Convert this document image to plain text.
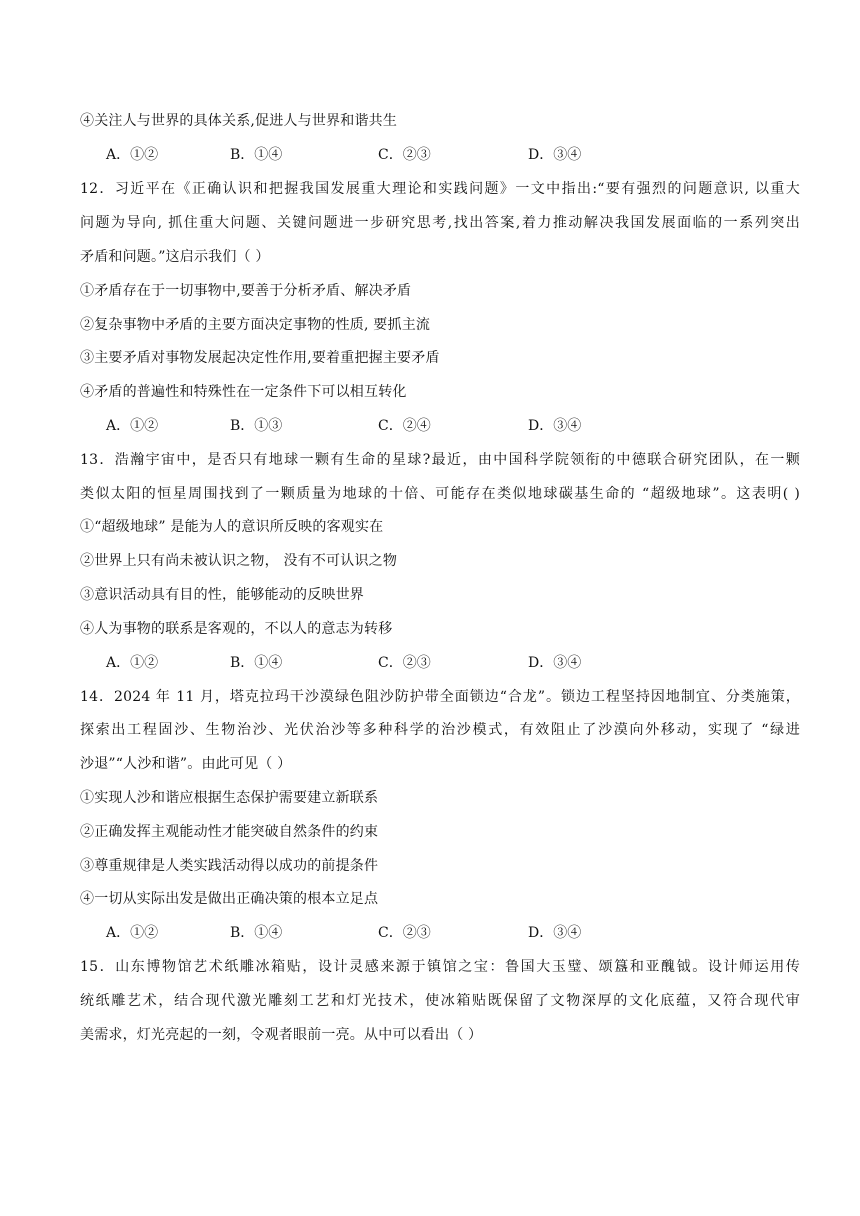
④关注人与世界的具体关系,促进人与世界和谐共生
A．①②	B．①④	C．②③	D．③④
12．习近平在《正确认识和把握我国发展重大理论和实践问题》一文中指出:“要有强烈的问题意识, 以重大
问题为导向, 抓住重大问题、关键问题进一步研究思考,找出答案,着力推动解决我国发展面临的一系列突出
矛盾和问题。”这启示我们（ ）
①矛盾存在于一切事物中,要善于分析矛盾、解决矛盾
②复杂事物中矛盾的主要方面决定事物的性质, 要抓主流
③主要矛盾对事物发展起决定性作用,要着重把握主要矛盾
④矛盾的普遍性和特殊性在一定条件下可以相互转化
A．①②	B．①③	C．②④	D．③④
13．浩瀚宇宙中，是否只有地球一颗有生命的星球?最近，由中国科学院领衔的中德联合研究团队，在一颗
类似太阳的恒星周围找到了一颗质量为地球的十倍、可能存在类似地球碳基生命的 “超级地球”。这表明( )
①“超级地球” 是能为人的意识所反映的客观实在
②世界上只有尚未被认识之物， 没有不可认识之物
③意识活动具有目的性，能够能动的反映世界
④人为事物的联系是客观的，不以人的意志为转移
A．①②	B．①④	C．②③	D．③④
14．2024 年 11 月，塔克拉玛干沙漠绿色阻沙防护带全面锁边“合龙”。锁边工程坚持因地制宜、分类施策，
探索出工程固沙、生物治沙、光伏治沙等多种科学的治沙模式，有效阻止了沙漠向外移动，实现了 “绿进
沙退”“人沙和谐”。由此可见（ ）
①实现人沙和谐应根据生态保护需要建立新联系
②正确发挥主观能动性才能突破自然条件的约束
③尊重规律是人类实践活动得以成功的前提条件
④一切从实际出发是做出正确决策的根本立足点
A．①②	B．①④	C．②③	D．③④
15．山东博物馆艺术纸雕冰箱贴，设计灵感来源于镇馆之宝：鲁国大玉璧、颂簋和亚醜钺。设计师运用传
统纸雕艺术，结合现代激光雕刻工艺和灯光技术，使冰箱贴既保留了文物深厚的文化底蕴，又符合现代审
美需求，灯光亮起的一刻，令观者眼前一亮。从中可以看出（ ）
